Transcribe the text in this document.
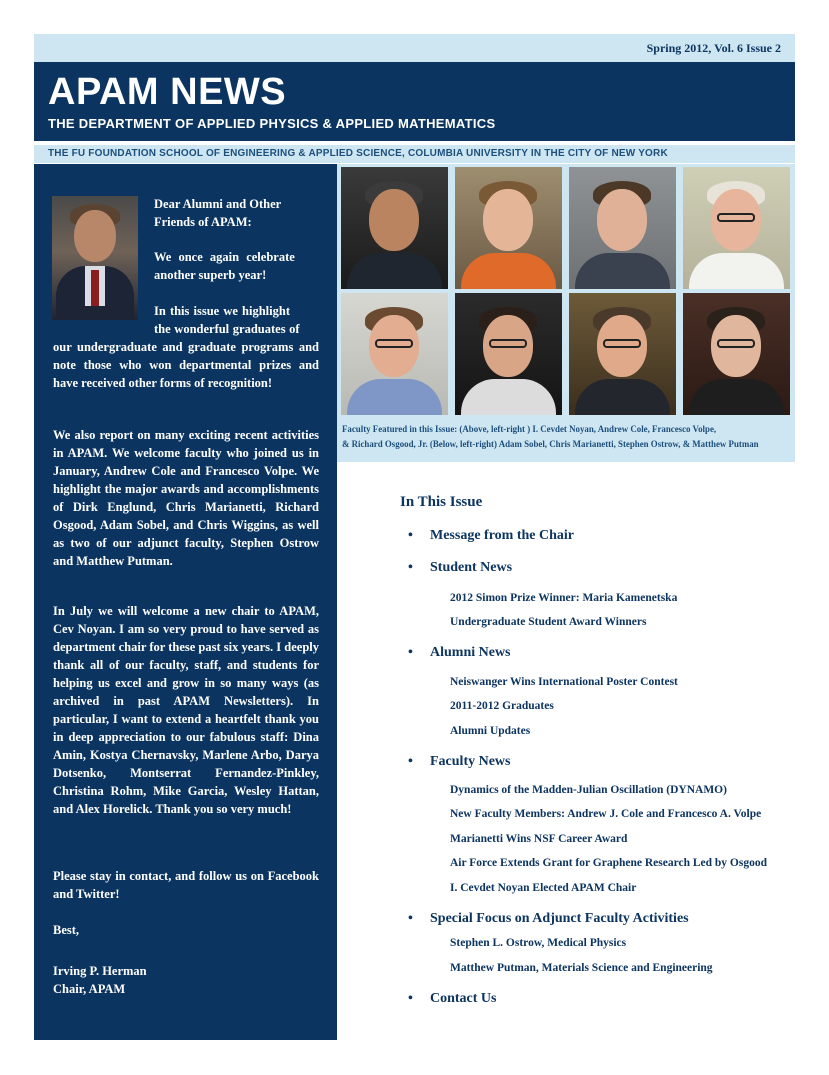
Spring 2012, Vol. 6 Issue 2
APAM NEWS
THE DEPARTMENT OF APPLIED PHYSICS & APPLIED MATHEMATICS
THE FU FOUNDATION SCHOOL OF ENGINEERING & APPLIED SCIENCE, COLUMBIA UNIVERSITY IN THE CITY OF NEW YORK

Dear Alumni and Other

Friends of APAM:

We once again celebrate

another superb year!

In this issue we highlight

the wonderful graduates of

our undergraduate and graduate programs and note those who won departmental prizes and have received other forms of recognition!

We also report on many exciting recent activities in APAM. We welcome faculty who joined us in January, Andrew Cole and Francesco Volpe. We highlight the major awards and accomplishments of Dirk Englund, Chris Marianetti, Richard Osgood, Adam Sobel, and Chris Wiggins, as well as two of our adjunct faculty, Stephen Ostrow and Matthew Putman.

In July we will welcome a new chair to APAM, Cev Noyan. I am so very proud to have served as department chair for these past six years. I deeply thank all of our faculty, staff, and students for helping us excel and grow in so many ways (as archived in past APAM Newsletters). In particular, I want to extend a heartfelt thank you in deep appreciation to our fabulous staff: Dina Amin, Kostya Chernavsky, Marlene Arbo, Darya Dotsenko, Montserrat Fernandez-Pinkley, Christina Rohm, Mike Garcia, Wesley Hattan, and Alex Horelick. Thank you so very much!

Please stay in contact, and follow us on Facebook and Twitter!

Best,

Irving P. Herman

Chair, APAM

Faculty Featured in this Issue: (Above, left-right ) I. Cevdet Noyan, Andrew Cole, Francesco Volpe,
& Richard Osgood, Jr. (Below, left-right) Adam Sobel, Chris Marianetti, Stephen Ostrow, & Matthew Putman
In This Issue
• Message from the Chair
• Student News
2012 Simon Prize Winner: Maria Kamenetska
Undergraduate Student Award Winners
• Alumni News
Neiswanger Wins International Poster Contest
2011-2012 Graduates
Alumni Updates
• Faculty News
Dynamics of the Madden-Julian Oscillation (DYNAMO)
New Faculty Members: Andrew J. Cole and Francesco A. Volpe
Marianetti Wins NSF Career Award
Air Force Extends Grant for Graphene Research Led by Osgood
I. Cevdet Noyan Elected APAM Chair
• Special Focus on Adjunct Faculty Activities
Stephen L. Ostrow, Medical Physics
Matthew Putman, Materials Science and Engineering
• Contact Us
